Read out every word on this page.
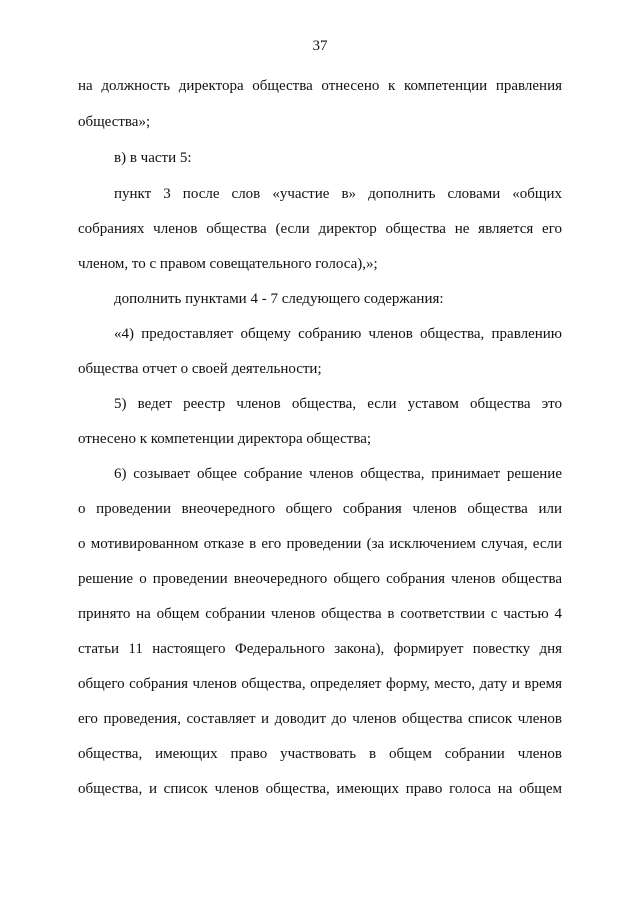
37
на должность директора общества отнесено к компетенции правления
общества»;
в) в части 5:
пункт 3 после слов «участие в» дополнить словами «общих
собраниях членов общества (если директор общества не является его
членом, то с правом совещательного голоса),»;
дополнить пунктами 4 - 7 следующего содержания:
«4) предоставляет общему собранию членов общества, правлению
общества отчет о своей деятельности;
5) ведет реестр членов общества, если уставом общества это
отнесено к компетенции директора общества;
6) созывает общее собрание членов общества, принимает решение
о проведении внеочередного общего собрания членов общества или
о мотивированном отказе в его проведении (за исключением случая, если
решение о проведении внеочередного общего собрания членов общества
принято на общем собрании членов общества в соответствии с частью 4
статьи 11 настоящего Федерального закона), формирует повестку дня
общего собрания членов общества, определяет форму, место, дату и время
его проведения, составляет и доводит до членов общества список членов
общества, имеющих право участвовать в общем собрании членов
общества, и список членов общества, имеющих право голоса на общем
